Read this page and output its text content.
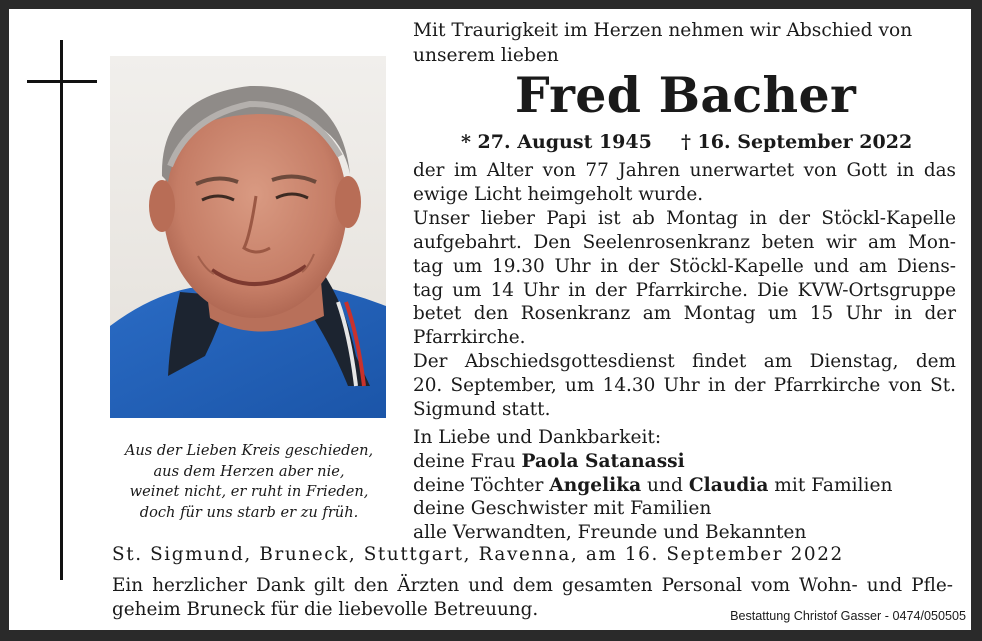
Aus der Lieben Kreis geschieden,
aus dem Herzen aber nie,
weinet nicht, er ruht in Frieden,
doch für uns starb er zu früh.
Mit Traurigkeit im Herzen nehmen wir Abschied von
unserem lieben
Fred Bacher
* 27. August 1945 † 16. September 2022
der im Alter von 77 Jahren unerwartet von Gott in das
ewige Licht heimgeholt wurde.
Unser lieber Papi ist ab Montag in der Stöckl-Kapelle
aufgebahrt. Den Seelenrosenkranz beten wir am Mon-
tag um 19.30 Uhr in der Stöckl-Kapelle und am Diens-
tag um 14 Uhr in der Pfarrkirche. Die KVW-Ortsgruppe
betet den Rosenkranz am Montag um 15 Uhr in der
Pfarrkirche.
Der Abschiedsgottesdienst findet am Dienstag, dem
20. September, um 14.30 Uhr in der Pfarrkirche von St.
Sigmund statt.
In Liebe und Dankbarkeit:
deine Frau Paola Satanassi
deine Töchter Angelika und Claudia mit Familien
deine Geschwister mit Familien
alle Verwandten, Freunde und Bekannten
St. Sigmund, Bruneck, Stuttgart, Ravenna, am 16. September 2022
Ein herzlicher Dank gilt den Ärzten und dem gesamten Personal vom Wohn- und Pfle-
geheim Bruneck für die liebevolle Betreuung.	Bestattung Christof Gasser - 0474/050505
